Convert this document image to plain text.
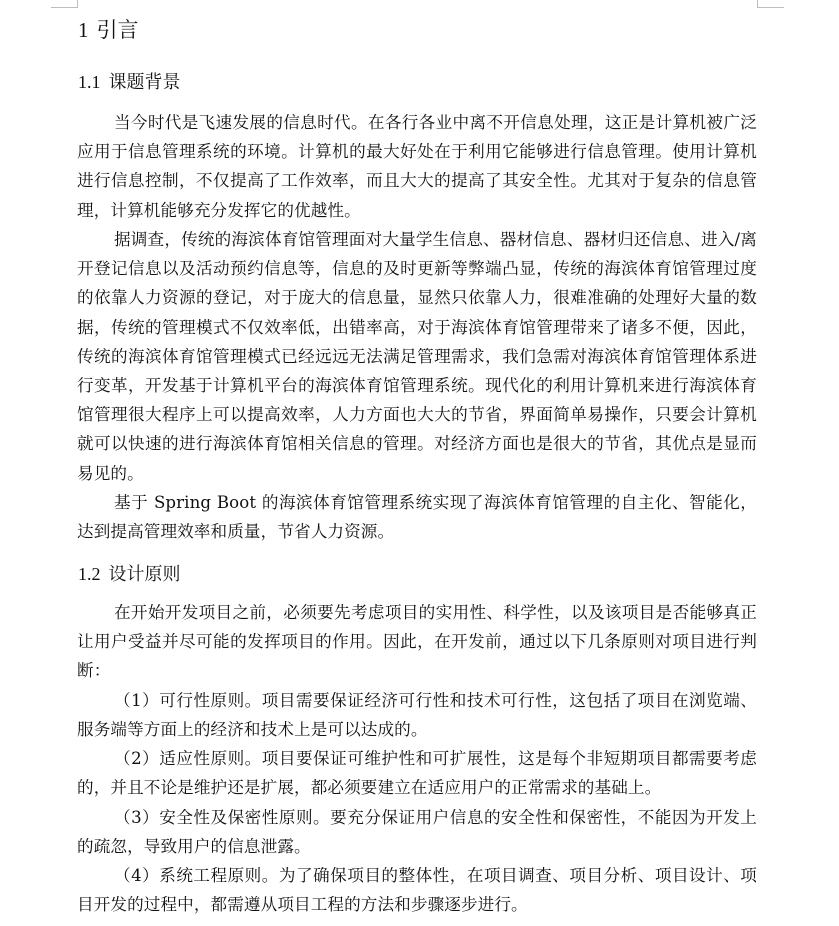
1 引言
1.1 课题背景

当今时代是飞速发展的信息时代。在各行各业中离不开信息处理，这正是计算机被广泛应用于信息管理系统的环境。计算机的最大好处在于利用它能够进行信息管理。使用计算机进行信息控制，不仅提高了工作效率，而且大大的提高了其安全性。尤其对于复杂的信息管理，计算机能够充分发挥它的优越性。

据调查，传统的海滨体育馆管理面对大量学生信息、器材信息、器材归还信息、进入/离开登记信息以及活动预约信息等，信息的及时更新等弊端凸显，传统的海滨体育馆管理过度的依靠人力资源的登记，对于庞大的信息量，显然只依靠人力，很难准确的处理好大量的数据，传统的管理模式不仅效率低，出错率高，对于海滨体育馆管理带来了诸多不便，因此，传统的海滨体育馆管理模式已经远远无法满足管理需求，我们急需对海滨体育馆管理体系进行变革，开发基于计算机平台的海滨体育馆管理系统。现代化的利用计算机来进行海滨体育馆管理很大程序上可以提高效率，人力方面也大大的节省，界面简单易操作，只要会计算机就可以快速的进行海滨体育馆相关信息的管理。对经济方面也是很大的节省，其优点是显而易见的。

基于 Spring Boot 的海滨体育馆管理系统实现了海滨体育馆管理的自主化、智能化，达到提高管理效率和质量，节省人力资源。

1.2 设计原则

在开始开发项目之前，必须要先考虑项目的实用性、科学性，以及该项目是否能够真正让用户受益并尽可能的发挥项目的作用。因此，在开发前，通过以下几条原则对项目进行判断：

（1）可行性原则。项目需要保证经济可行性和技术可行性，这包括了项目在浏览端、服务端等方面上的经济和技术上是可以达成的。

（2）适应性原则。项目要保证可维护性和可扩展性，这是每个非短期项目都需要考虑的，并且不论是维护还是扩展，都必须要建立在适应用户的正常需求的基础上。

（3）安全性及保密性原则。要充分保证用户信息的安全性和保密性，不能因为开发上的疏忽，导致用户的信息泄露。

（4）系统工程原则。为了确保项目的整体性，在项目调查、项目分析、项目设计、项目开发的过程中，都需遵从项目工程的方法和步骤逐步进行。
